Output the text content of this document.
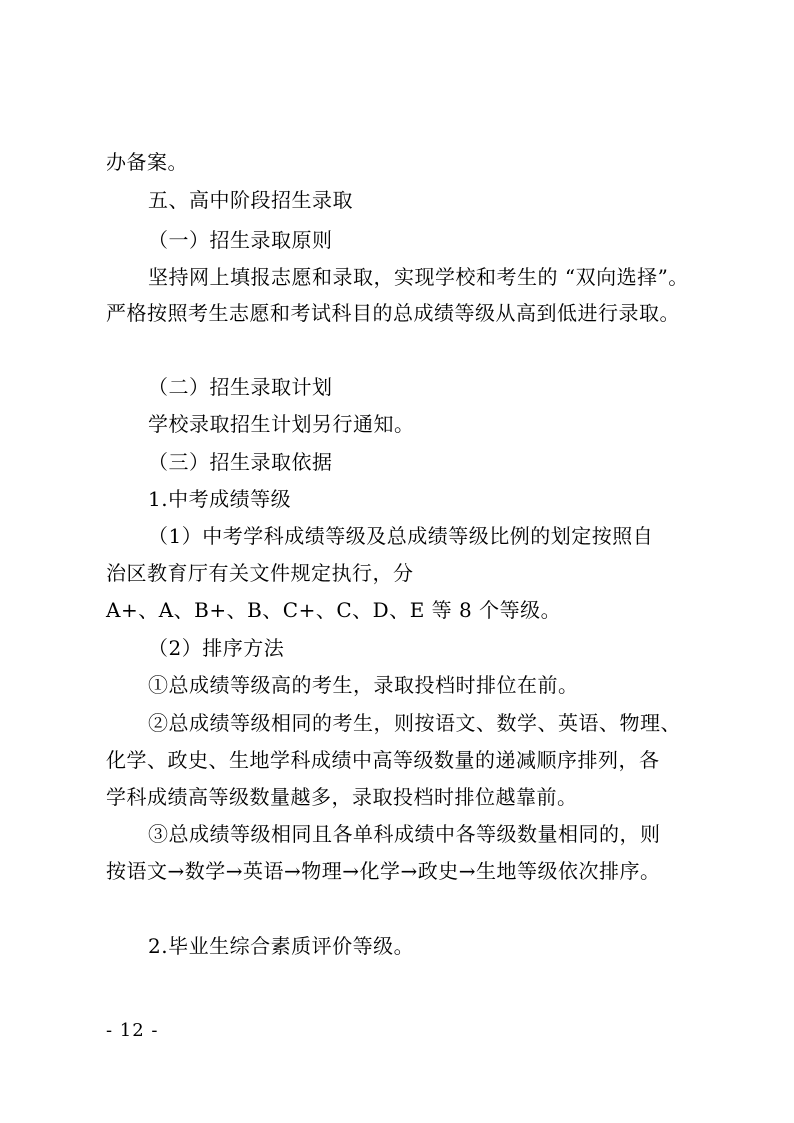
办备案。
五、高中阶段招生录取
（一）招生录取原则
坚持网上填报志愿和录取，实现学校和考生的 “双向选择”。
严格按照考生志愿和考试科目的总成绩等级从高到低进行录取。
（二）招生录取计划
学校录取招生计划另行通知。
（三）招生录取依据
1.中考成绩等级
（1）中考学科成绩等级及总成绩等级比例的划定按照自
治区教育厅有关文件规定执行，分
A+、A、B+、B、C+、C、D、E 等 8 个等级。
（2）排序方法
①总成绩等级高的考生，录取投档时排位在前。
②总成绩等级相同的考生，则按语文、数学、英语、物理、
化学、政史、生地学科成绩中高等级数量的递减顺序排列，各
学科成绩高等级数量越多，录取投档时排位越靠前。
③总成绩等级相同且各单科成绩中各等级数量相同的，则
按语文→数学→英语→物理→化学→政史→生地等级依次排序。
2.毕业生综合素质评价等级。
- 12 -
